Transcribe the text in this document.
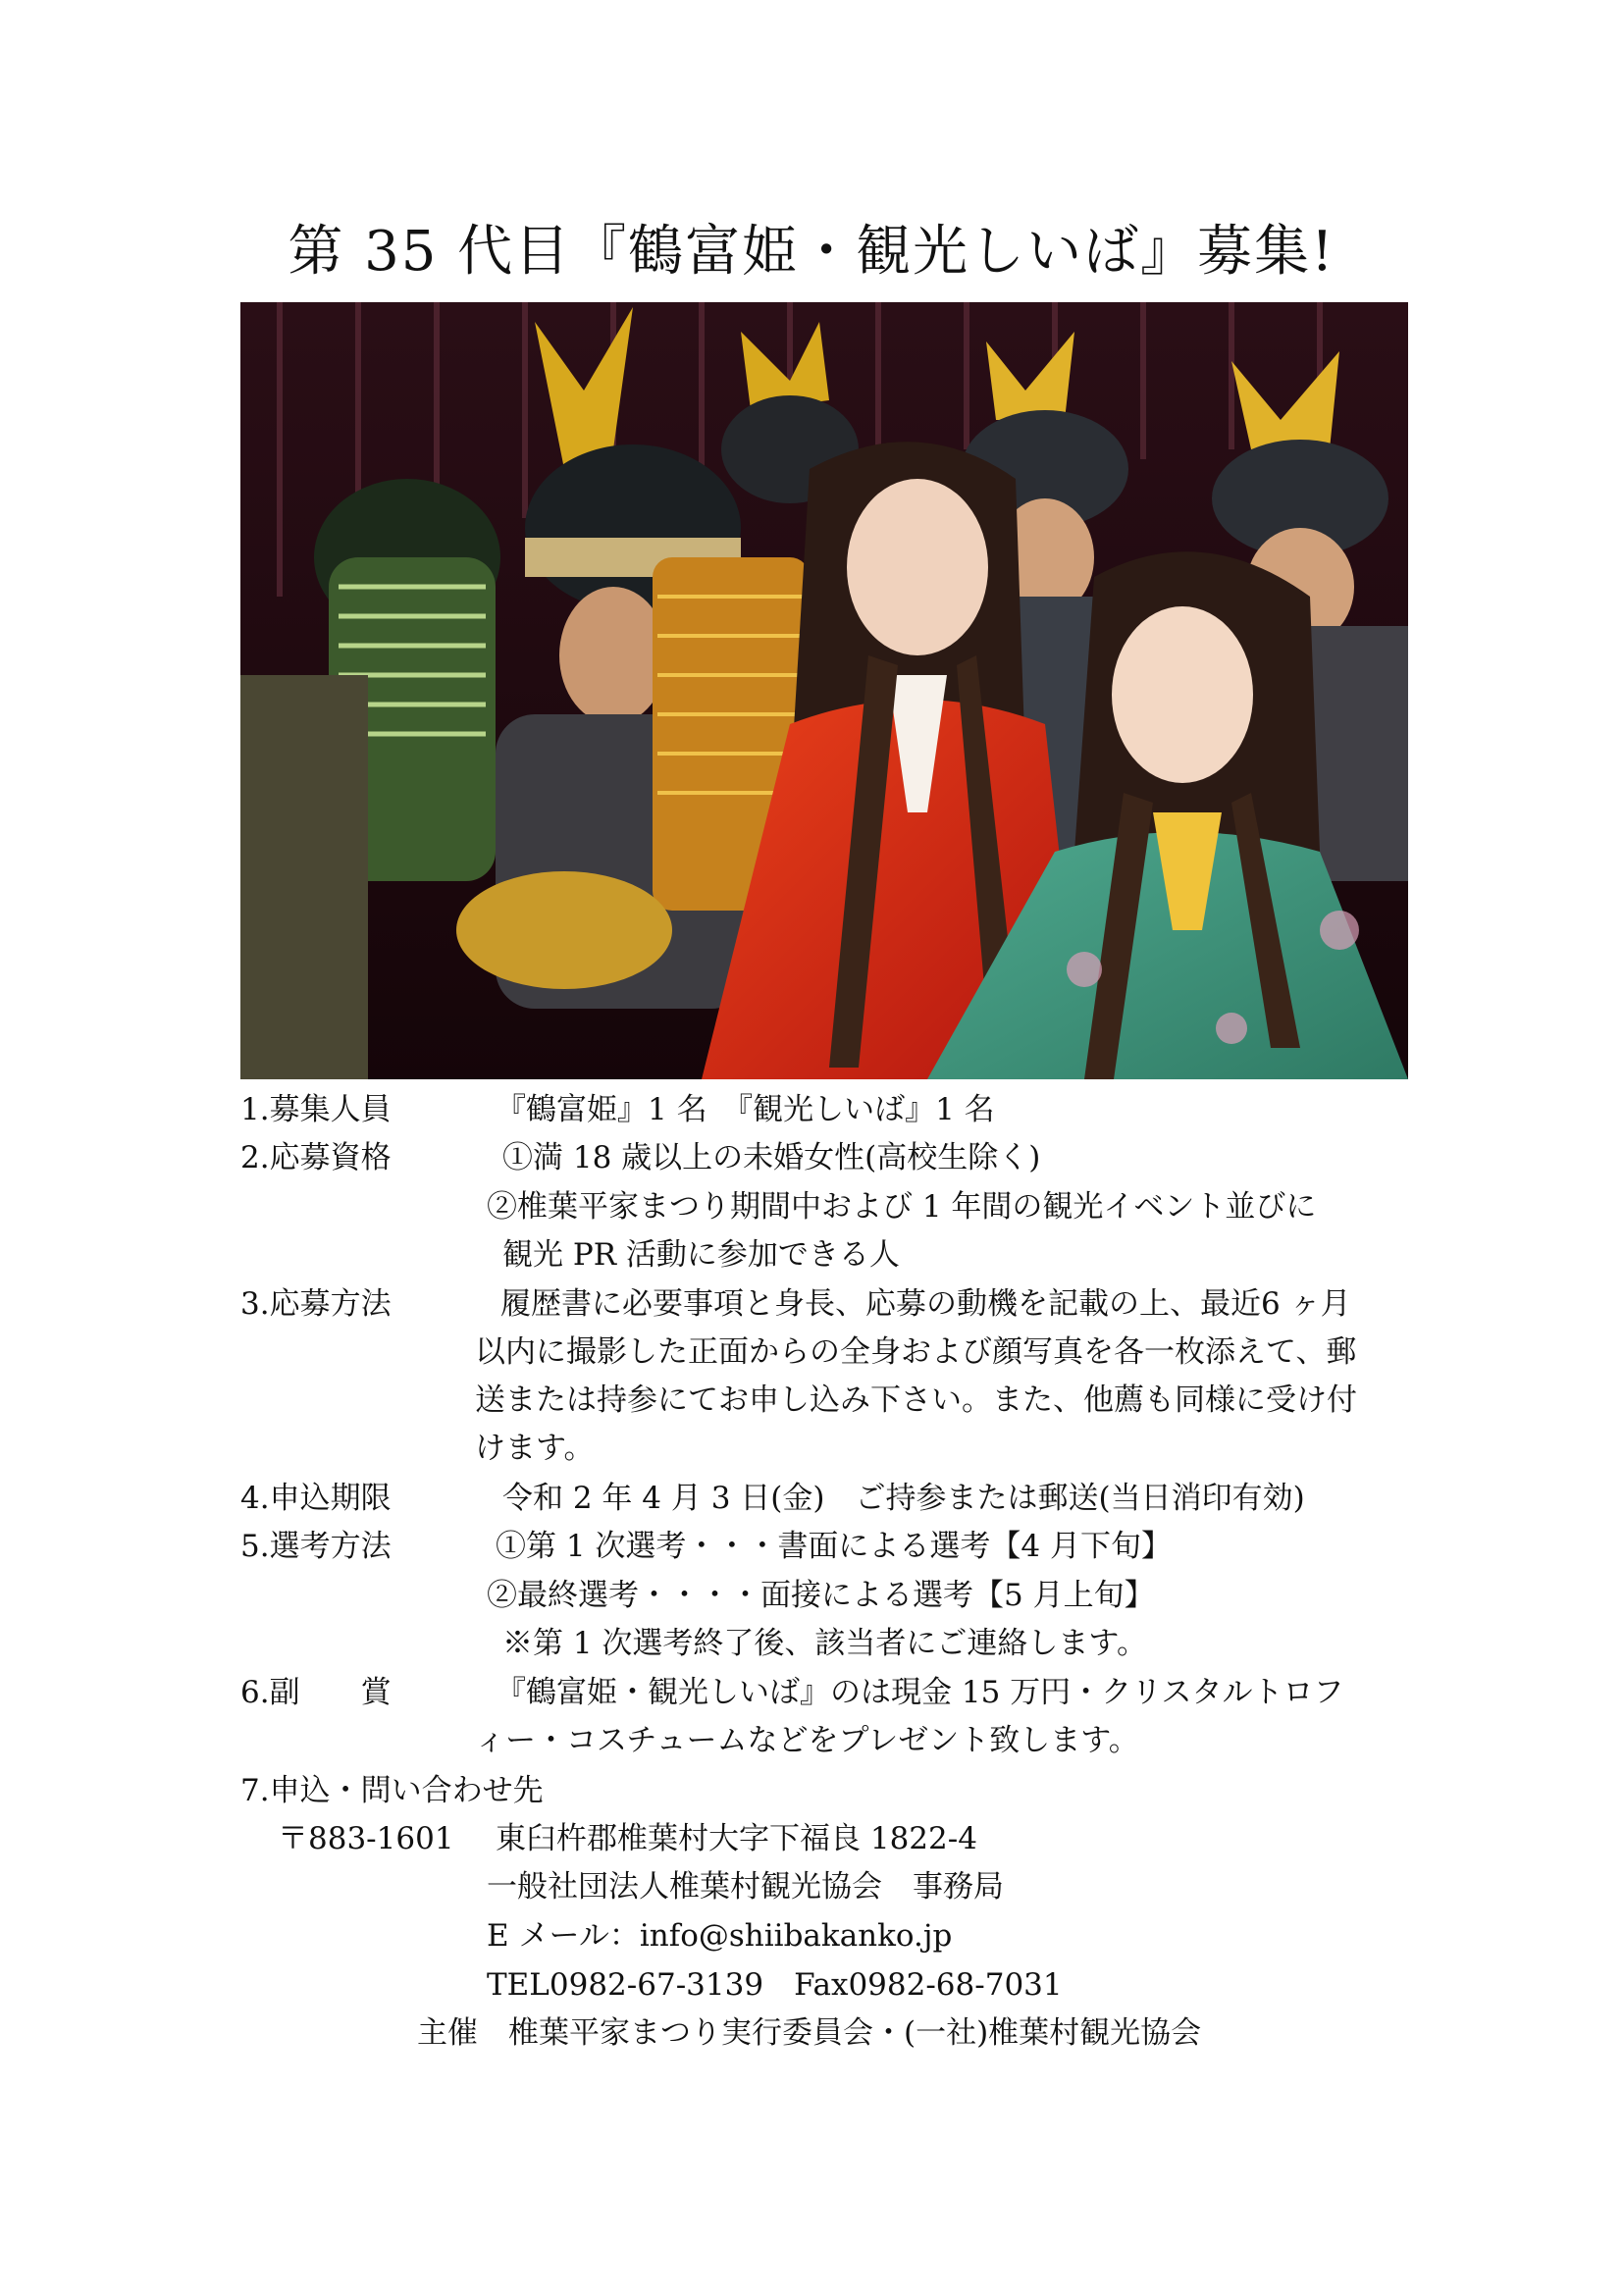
第 35 代目『鶴富姫・観光しいば』募集!
1.募集人員	『鶴富姫』1 名　『観光しいば』1 名
2.応募資格	①満 18 歳以上の未婚女性(高校生除く)
②椎葉平家まつり期間中および 1 年間の観光イベント並びに
観光 PR 活動に参加できる人
3.応募方法	履歴書に必要事項と身長、応募の動機を記載の上、最近6 ヶ月
以内に撮影した正面からの全身および顔写真を各一枚添えて、郵
送または持参にてお申し込み下さい。また、他薦も同様に受け付
けます。
4.申込期限	令和 2 年 4 月 3 日(金)　ご持参または郵送(当日消印有効)
5.選考方法	①第 1 次選考・・・書面による選考【4 月下旬】
②最終選考・・・・面接による選考【5 月上旬】
※第 1 次選考終了後、該当者にご連絡します。
6.副　　賞	『鶴富姫・観光しいば』のは現金 15 万円・クリスタルトロフ
ィー・コスチュームなどをプレゼント致します。
7.申込・問い合わせ先
〒883-1601 東臼杵郡椎葉村大字下福良 1822-4
一般社団法人椎葉村観光協会　事務局
E メール：info@shiibakanko.jp
TEL0982-67-3139　Fax0982-68-7031
主催　椎葉平家まつり実行委員会・(一社)椎葉村観光協会
